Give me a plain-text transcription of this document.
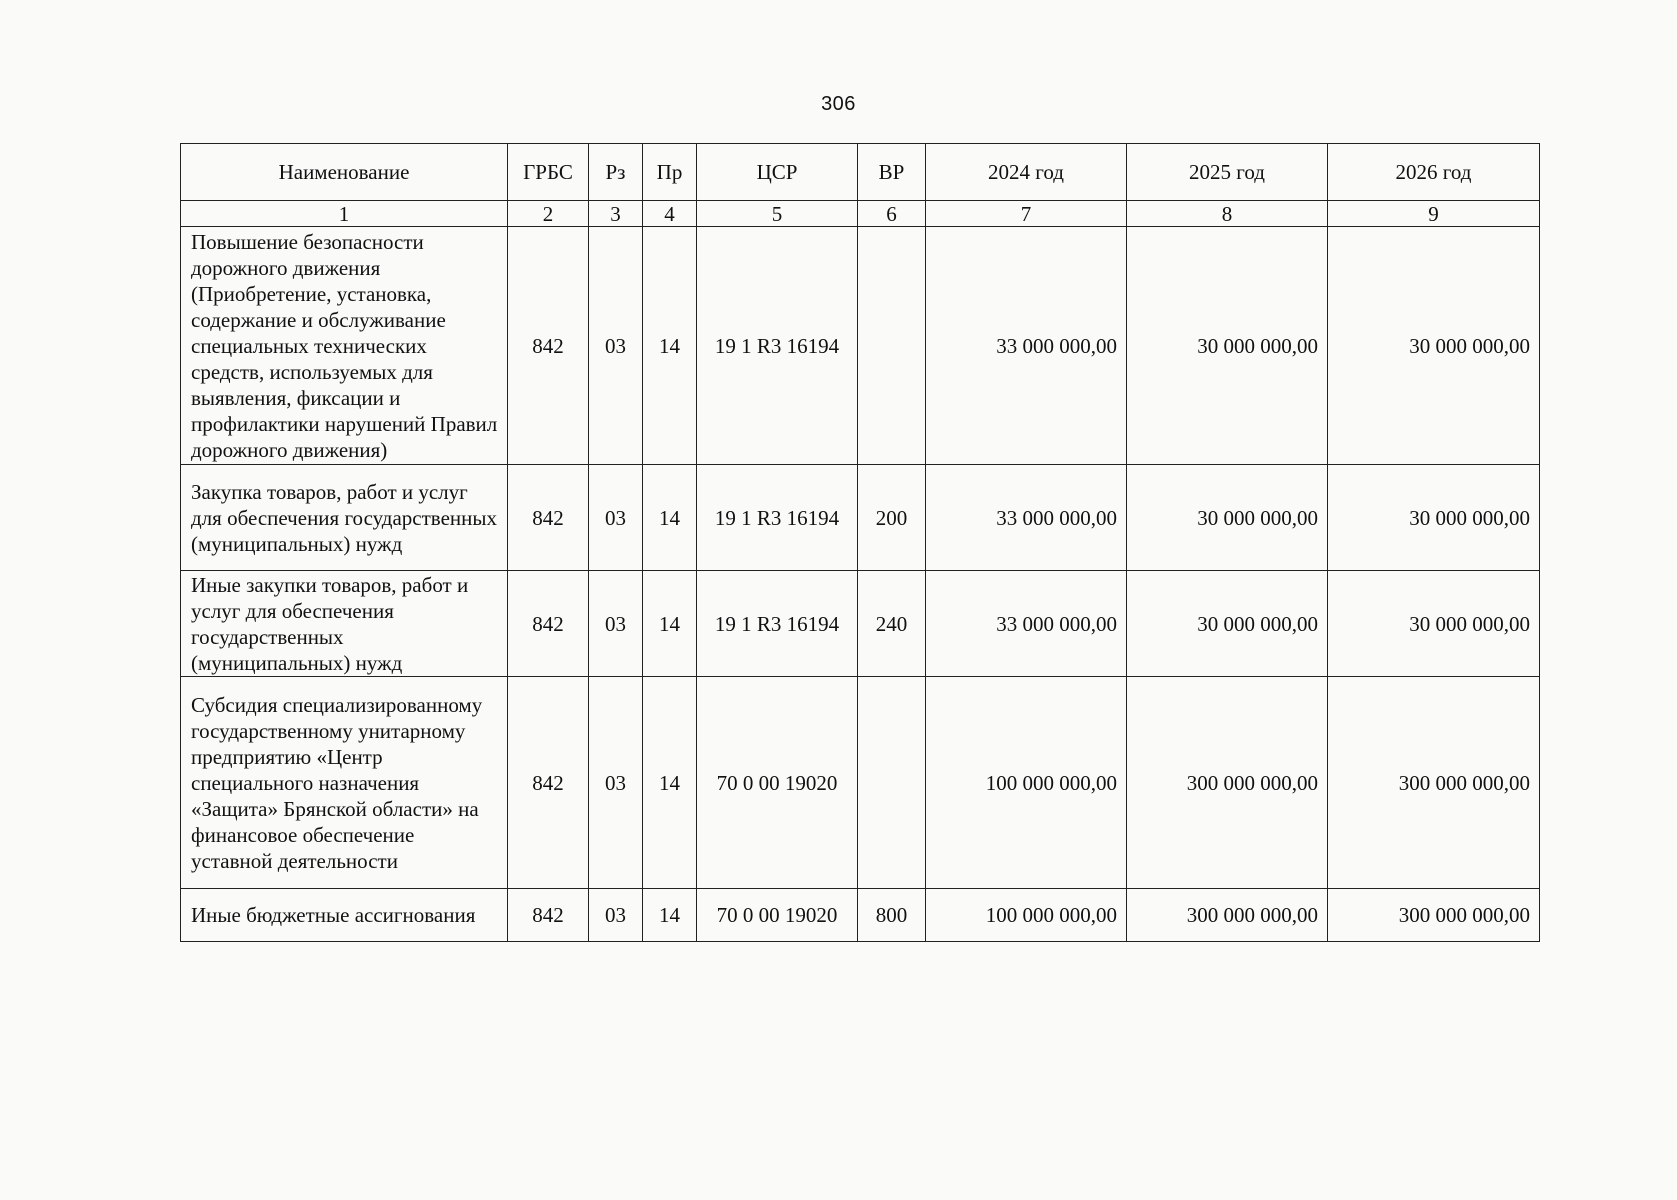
306
Наименование	ГРБС	Рз	Пр	ЦСР	ВР	2024 год	2025 год	2026 год
1	2	3	4	5	6	7	8	9
Повышение безопасности дорожного движения (Приобретение, установка, содержание и обслуживание специальных технических средств, используемых для выявления, фиксации и профилактики нарушений Правил дорожного движения)	842	03	14	19 1 R3 16194		33 000 000,00	30 000 000,00	30 000 000,00
Закупка товаров, работ и услуг для обеспечения государственных (муниципальных) нужд	842	03	14	19 1 R3 16194	200	33 000 000,00	30 000 000,00	30 000 000,00
Иные закупки товаров, работ и услуг для обеспечения государственных (муниципальных) нужд	842	03	14	19 1 R3 16194	240	33 000 000,00	30 000 000,00	30 000 000,00
Субсидия специализированному государственному унитарному предприятию «Центр специального назначения «Защита» Брянской области» на финансовое обеспечение уставной деятельности	842	03	14	70 0 00 19020		100 000 000,00	300 000 000,00	300 000 000,00
Иные бюджетные ассигнования	842	03	14	70 0 00 19020	800	100 000 000,00	300 000 000,00	300 000 000,00
